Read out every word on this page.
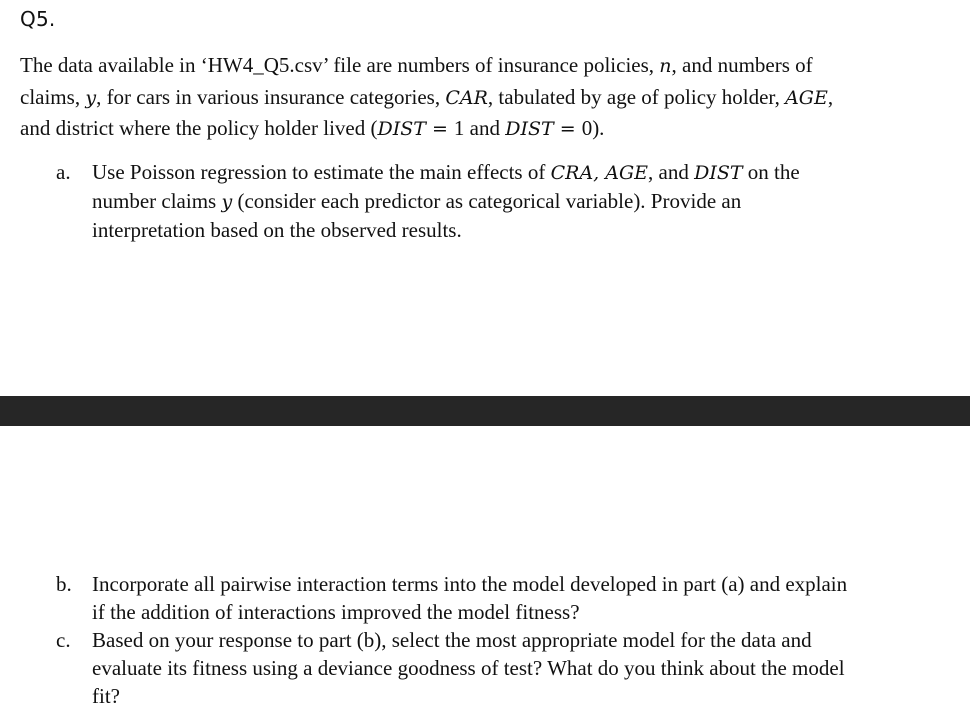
Q5.

The data available in ‘HW4_Q5.csv’ file are numbers of insurance policies, n, and numbers of
claims, y, for cars in various insurance categories, CAR, tabulated by age of policy holder, AGE,
and district where the policy holder lived (DIST = 1 and DIST = 0).

a.	Use Poisson regression to estimate the main effects of CRA, AGE, and DIST on the
number claims y (consider each predictor as categorical variable). Provide an
interpretation based on the observed results.
b. Incorporate all pairwise interaction terms into the model developed in part (a) and explain
if the addition of interactions improved the model fitness?
c.	Based on your response to part (b), select the most appropriate model for the data and
evaluate its fitness using a deviance goodness of test? What do you think about the model
fit?
